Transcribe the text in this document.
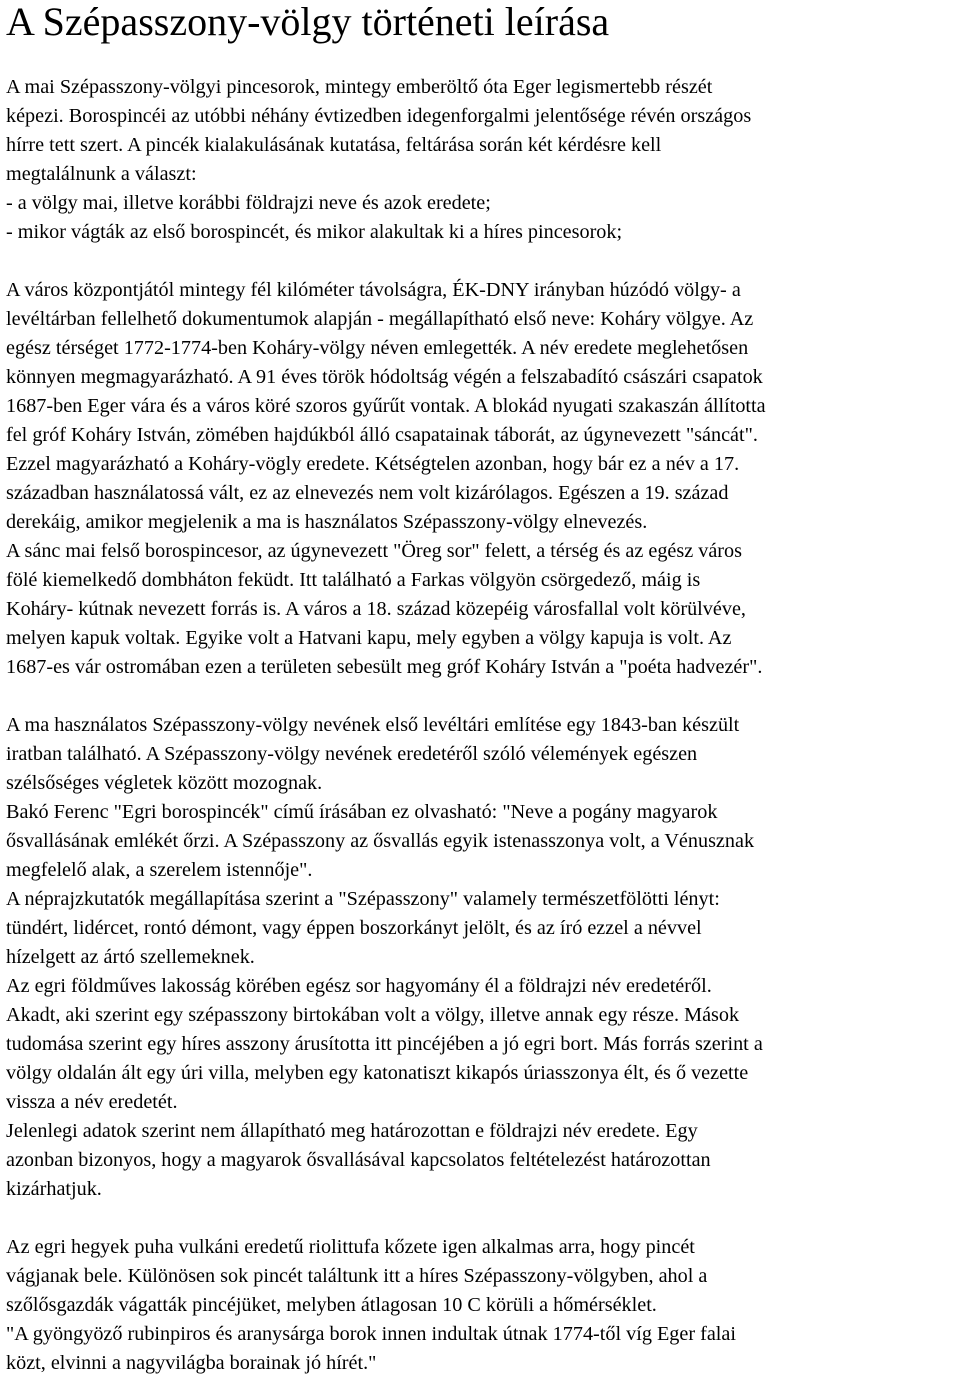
A Szépasszony-völgy történeti leírása
A mai Szépasszony-völgyi pincesorok, mintegy emberöltő óta Eger legismertebb részét
képezi. Borospincéi az utóbbi néhány évtizedben idegenforgalmi jelentősége révén országos
hírre tett szert. A pincék kialakulásának kutatása, feltárása során két kérdésre kell
megtalálnunk a választ:
- a völgy mai, illetve korábbi földrajzi neve és azok eredete;
- mikor vágták az első borospincét, és mikor alakultak ki a híres pincesorok;
A város központjától mintegy fél kilóméter távolságra, ÉK-DNY irányban húzódó völgy- a
levéltárban fellelhető dokumentumok alapján - megállapítható első neve: Koháry völgye. Az
egész térséget 1772-1774-ben Koháry-völgy néven emlegették. A név eredete meglehetősen
könnyen megmagyarázható. A 91 éves török hódoltság végén a felszabadító császári csapatok
1687-ben Eger vára és a város köré szoros gyűrűt vontak. A blokád nyugati szakaszán állította
fel gróf Koháry István, zömében hajdúkból álló csapatainak táborát, az úgynevezett "sáncát".
Ezzel magyarázható a Koháry-vögly eredete. Kétségtelen azonban, hogy bár ez a név a 17.
században használatossá vált, ez az elnevezés nem volt kizárólagos. Egészen a 19. század
derekáig, amikor megjelenik a ma is használatos Szépasszony-völgy elnevezés.
A sánc mai felső borospincesor, az úgynevezett "Öreg sor" felett, a térség és az egész város
fölé kiemelkedő dombháton feküdt. Itt található a Farkas völgyön csörgedező, máig is
Koháry- kútnak nevezett forrás is. A város a 18. század közepéig városfallal volt körülvéve,
melyen kapuk voltak. Egyike volt a Hatvani kapu, mely egyben a völgy kapuja is volt. Az
1687-es vár ostromában ezen a területen sebesült meg gróf Koháry István a "poéta hadvezér".
A ma használatos Szépasszony-völgy nevének első levéltári említése egy 1843-ban készült
iratban található. A Szépasszony-völgy nevének eredetéről szóló vélemények egészen
szélsőséges végletek között mozognak.
Bakó Ferenc "Egri borospincék" című írásában ez olvasható: "Neve a pogány magyarok
ősvallásának emlékét őrzi. A Szépasszony az ősvallás egyik istenasszonya volt, a Vénusznak
megfelelő alak, a szerelem istennője".
A néprajzkutatók megállapítása szerint a "Szépasszony" valamely természetfölötti lényt:
tündért, lidércet, rontó démont, vagy éppen boszorkányt jelölt, és az író ezzel a névvel
hízelgett az ártó szellemeknek.
Az egri földműves lakosság körében egész sor hagyomány él a földrajzi név eredetéről.
Akadt, aki szerint egy szépasszony birtokában volt a völgy, illetve annak egy része. Mások
tudomása szerint egy híres asszony árusította itt pincéjében a jó egri bort. Más forrás szerint a
völgy oldalán ált egy úri villa, melyben egy katonatiszt kikapós úriasszonya élt, és ő vezette
vissza a név eredetét.
Jelenlegi adatok szerint nem állapítható meg határozottan e földrajzi név eredete. Egy
azonban bizonyos, hogy a magyarok ősvallásával kapcsolatos feltételezést határozottan
kizárhatjuk.
Az egri hegyek puha vulkáni eredetű riolittufa kőzete igen alkalmas arra, hogy pincét
vágjanak bele. Különösen sok pincét találtunk itt a híres Szépasszony-völgyben, ahol a
szőlősgazdák vágatták pincéjüket, melyben átlagosan 10 C körüli a hőmérséklet.
"A gyöngyöző rubinpiros és aranysárga borok innen indultak útnak 1774-től víg Eger falai
közt, elvinni a nagyvilágba borainak jó hírét."
